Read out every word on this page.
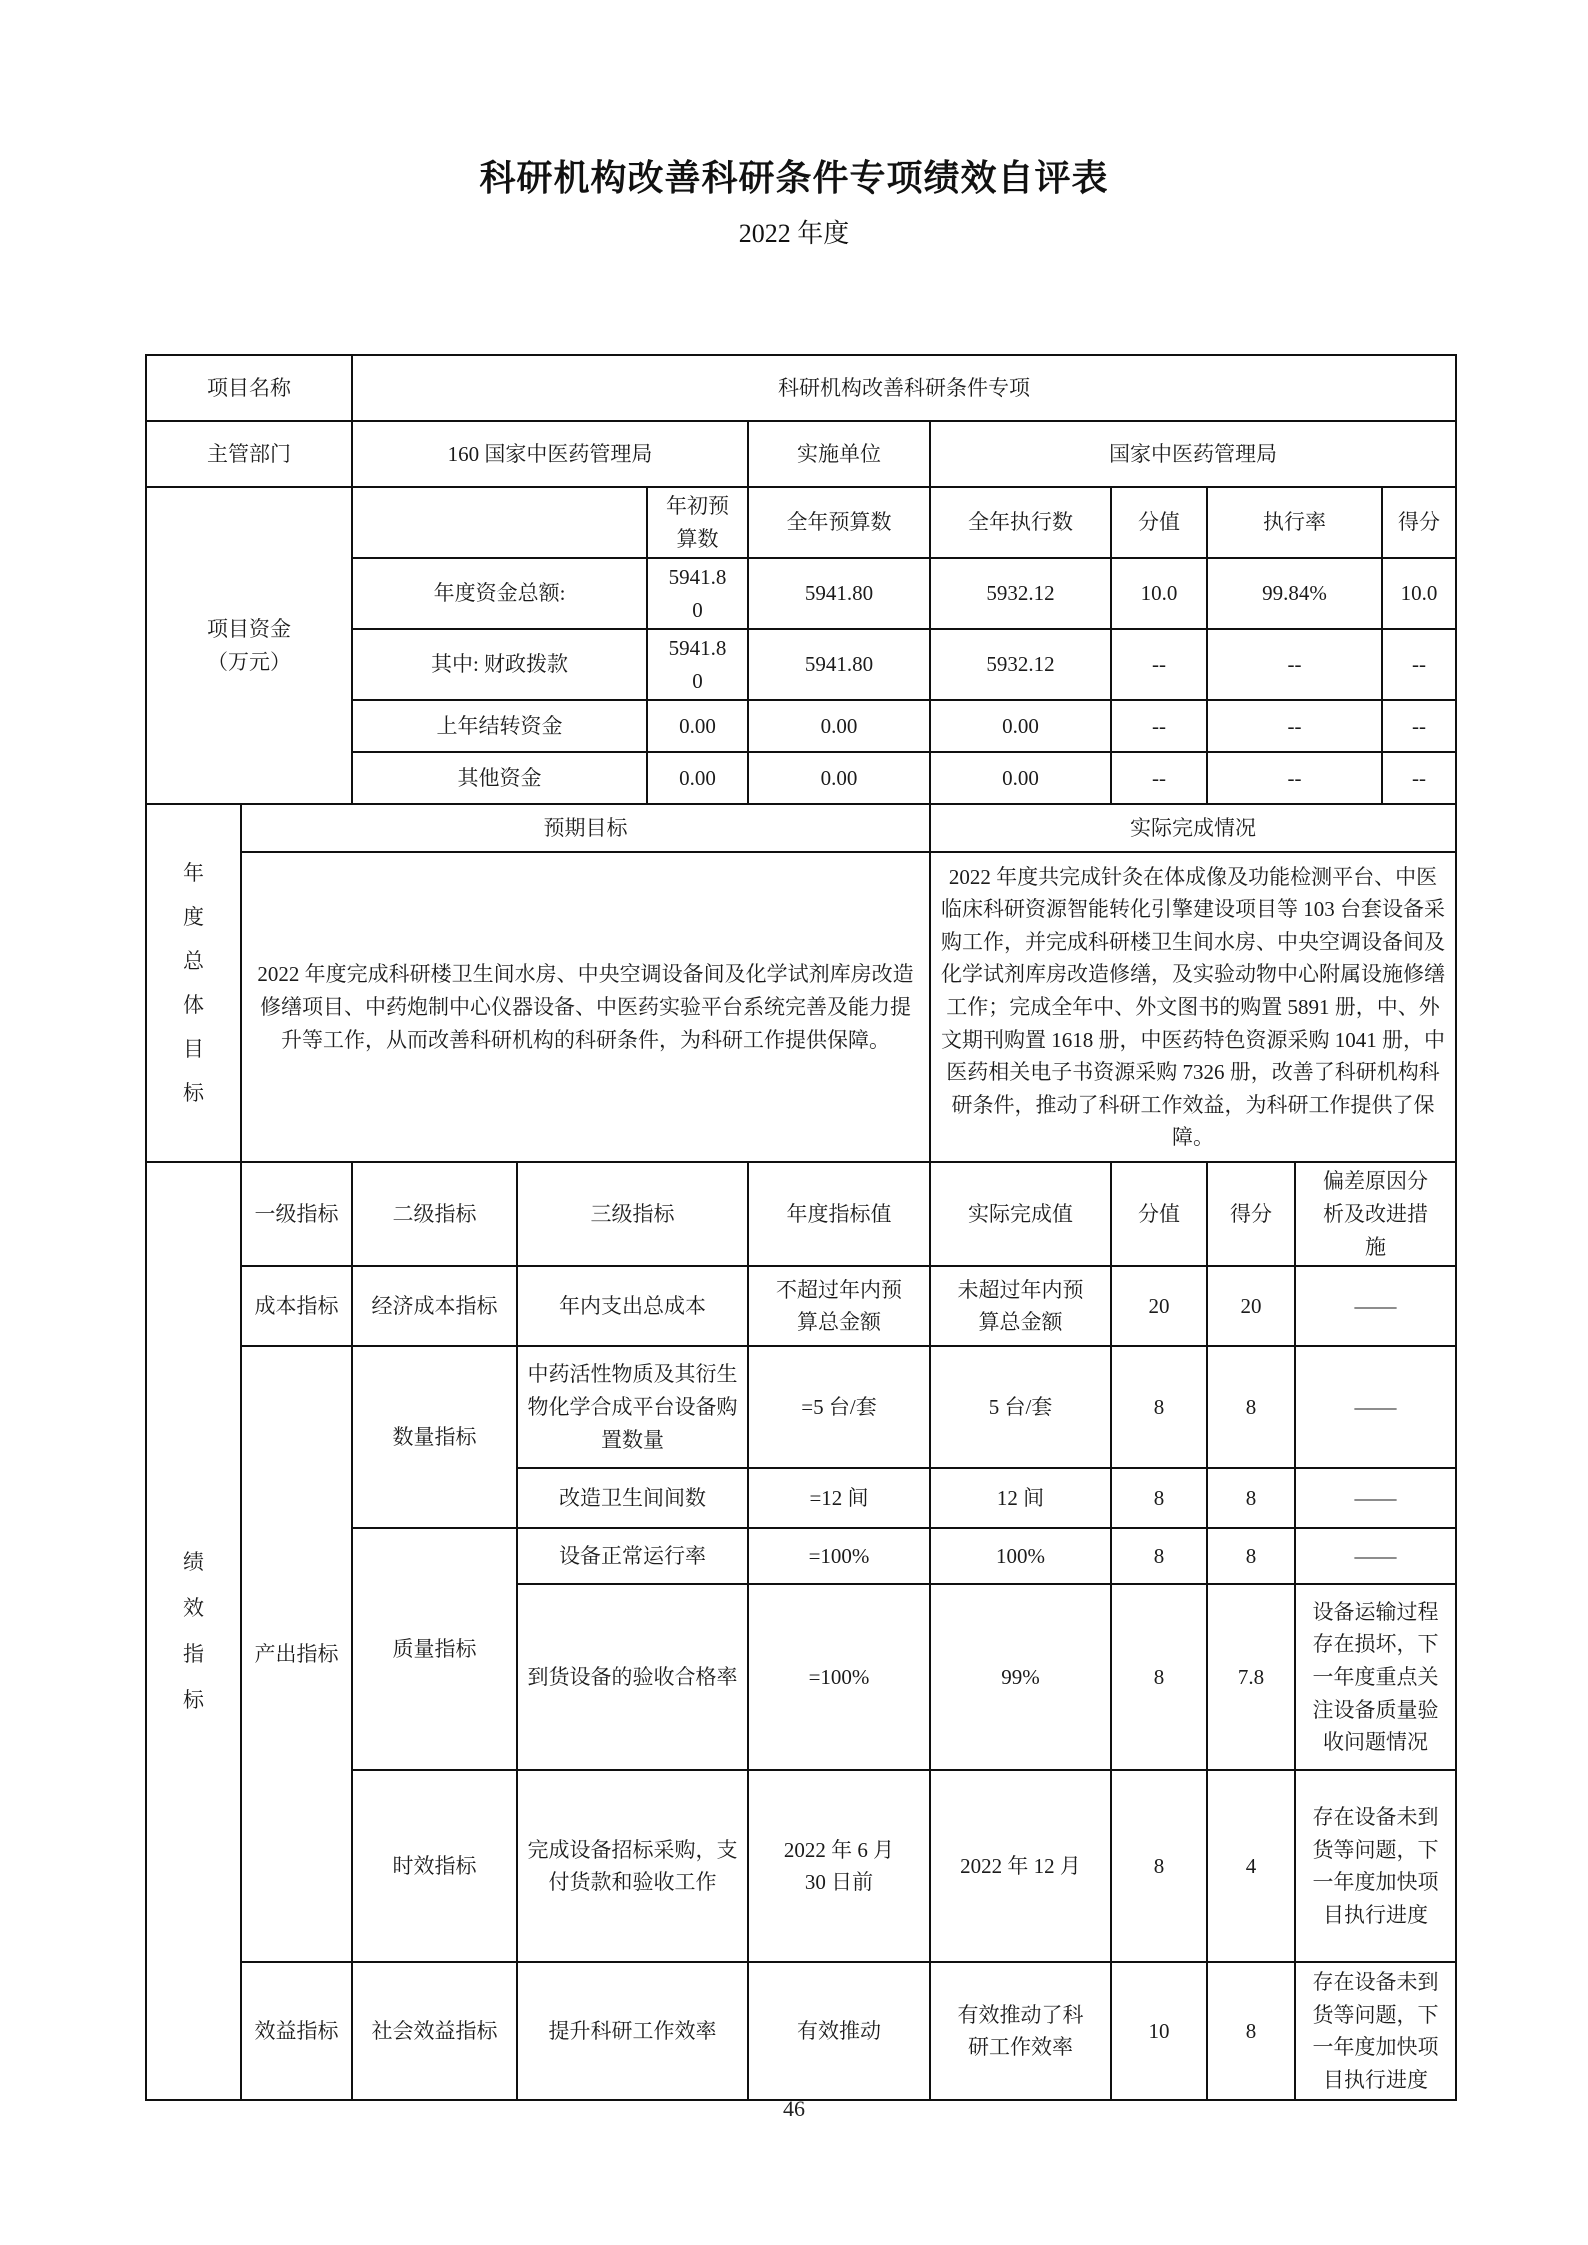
科研机构改善科研条件专项绩效自评表
2022 年度
项目名称		科研机构改善科研条件专项								
主管部门		160 国家中医药管理局			实施单位	国家中医药管理局				

项目资金
（万元）				年初预算数	全年预算数	全年执行数	分值	执行率		得分
		年度资金总额:		5941.80	5941.80	5932.12	10.0	99.84%		10.0
		其中: 财政拨款		5941.80	5941.80	5932.12	--	--		--
		上年结转资金		0.00	0.00	0.00	--	--		--
		其他资金		0.00	0.00	0.00	--	--		--

年度总体目标	预期目标					实际完成情况				
	2022 年度完成科研楼卫生间水房、中央空调设备间及化学试剂库房改造修缮项目、中药炮制中心仪器设备、中医药实验平台系统完善及能力提升等工作，从而改善科研机构的科研条件，为科研工作提供保障。					2022 年度共完成针灸在体成像及功能检测平台、中医临床科研资源智能转化引擎建设项目等 103 台套设备采购工作，并完成科研楼卫生间水房、中央空调设备间及化学试剂库房改造修缮，及实验动物中心附属设施修缮工作；完成全年中、外文图书的购置 5891 册，中、外文期刊购置 1618 册，中医药特色资源采购 1041 册，中医药相关电子书资源采购 7326 册，改善了科研机构科研条件，推动了科研工作效益，为科研工作提供了保障。				

绩效指标	一级指标	二级指标	三级指标		年度指标值	实际完成值	分值	得分	偏差原因分析及改进措施	
	成本指标	经济成本指标	年内支出总成本		不超过年内预算总金额	未超过年内预算总金额	20	20	——	
	产出指标	数量指标	中药活性物质及其衍生物化学合成平台设备购置数量		=5 台/套	5 台/套	8	8	——	
			改造卫生间间数		=12 间	12 间	8	8	——	
		质量指标	设备正常运行率		=100%	100%	8	8	——	
			到货设备的验收合格率		=100%	99%	8	7.8	设备运输过程存在损坏，下一年度重点关注设备质量验收问题情况	
		时效指标	完成设备招标采购，支付货款和验收工作		2022 年 6 月 30 日前	2022 年 12 月	8	4	存在设备未到货等问题，下一年度加快项目执行进度	
	效益指标	社会效益指标	提升科研工作效率		有效推动	有效推动了科研工作效率	10	8	存在设备未到货等问题，下一年度加快项目执行进度	
46
